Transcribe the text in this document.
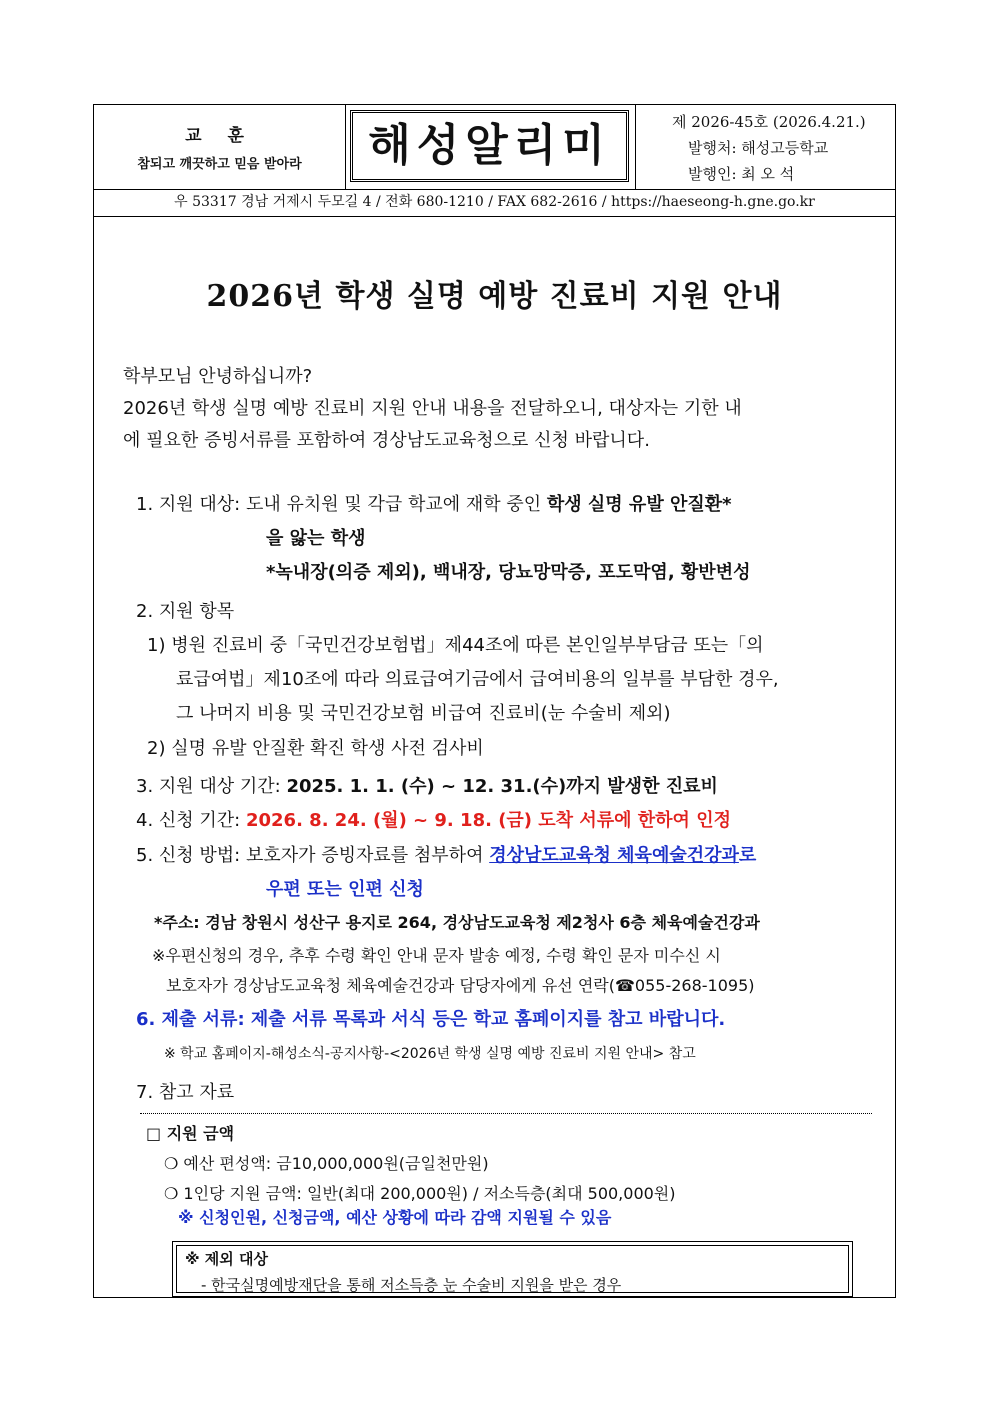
교 훈
참되고 깨끗하고 믿음 받아라	해성알리미	제 2026-45호 (2026.4.21.)
발행처: 해성고등학교
발행인: 최 오 석
우 53317 경남 거제시 두모길 4 / 전화 680-1210 / FAX 682-2616 / https://haeseong-h.gne.go.kr
2026년 학생 실명 예방 진료비 지원 안내
학부모님 안녕하십니까?
2026년 학생 실명 예방 진료비 지원 안내 내용을 전달하오니, 대상자는 기한 내
에 필요한 증빙서류를 포함하여 경상남도교육청으로 신청 바랍니다.
1. 지원 대상: 도내 유치원 및 각급 학교에 재학 중인 학생 실명 유발 안질환*
을 앓는 학생
*녹내장(의증 제외), 백내장, 당뇨망막증, 포도막염, 황반변성
2. 지원 항목
1) 병원 진료비 중「국민건강보험법」제44조에 따른 본인일부부담금 또는「의
료급여법」제10조에 따라 의료급여기금에서 급여비용의 일부를 부담한 경우,
그 나머지 비용 및 국민건강보험 비급여 진료비(눈 수술비 제외)
2) 실명 유발 안질환 확진 학생 사전 검사비
3. 지원 대상 기간: 2025. 1. 1. (수) ~ 12. 31.(수)까지 발생한 진료비
4. 신청 기간: 2026. 8. 24. (월) ~ 9. 18. (금) 도착 서류에 한하여 인정
5. 신청 방법: 보호자가 증빙자료를 첨부하여 경상남도교육청 체육예술건강과로
우편 또는 인편 신청
*주소: 경남 창원시 성산구 용지로 264, 경상남도교육청 제2청사 6층 체육예술건강과
※우편신청의 경우, 추후 수령 확인 안내 문자 발송 예정, 수령 확인 문자 미수신 시
보호자가 경상남도교육청 체육예술건강과 담당자에게 유선 연락(☎055-268-1095)
6. 제출 서류: 제출 서류 목록과 서식 등은 학교 홈페이지를 참고 바랍니다.
※ 학교 홈페이지-해성소식-공지사항-<2026년 학생 실명 예방 진료비 지원 안내> 참고
7. 참고 자료
□ 지원 금액
❍ 예산 편성액: 금10,000,000원(금일천만원)
❍ 1인당 지원 금액: 일반(최대 200,000원) / 저소득층(최대 500,000원)
※ 신청인원, 신청금액, 예산 상황에 따라 감액 지원될 수 있음
※ 제외 대상
- 한국실명예방재단을 통해 저소득층 눈 수술비 지원을 받은 경우
